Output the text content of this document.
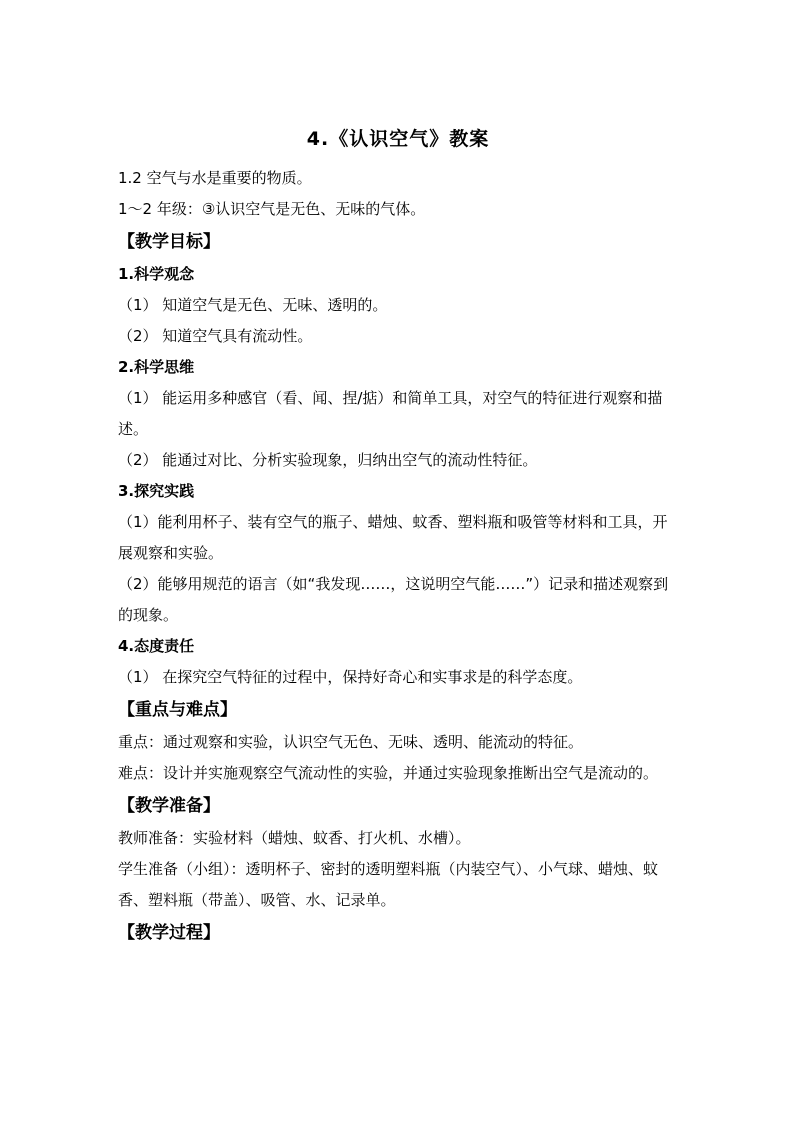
4.《认识空气》教案

1.2 空气与水是重要的物质。

1～2 年级：③认识空气是无色、无味的气体。

【教学目标】

1.科学观念

（1） 知道空气是无色、无味、透明的。

（2） 知道空气具有流动性。

2.科学思维

（1） 能运用多种感官（看、闻、捏/掂）和简单工具，对空气的特征进行观察和描述。

（2） 能通过对比、分析实验现象，归纳出空气的流动性特征。

3.探究实践

（1）能利用杯子、装有空气的瓶子、蜡烛、蚊香、塑料瓶和吸管等材料和工具，开展观察和实验。

（2）能够用规范的语言（如“我发现……，这说明空气能……”）记录和描述观察到的现象。

4.态度责任

（1） 在探究空气特征的过程中，保持好奇心和实事求是的科学态度。

【重点与难点】

重点：通过观察和实验，认识空气无色、无味、透明、能流动的特征。

难点：设计并实施观察空气流动性的实验，并通过实验现象推断出空气是流动的。

【教学准备】

教师准备：实验材料（蜡烛、蚊香、打火机、水槽）。

学生准备（小组）：透明杯子、密封的透明塑料瓶（内装空气）、小气球、蜡烛、蚊香、塑料瓶（带盖）、吸管、水、记录单。

【教学过程】
